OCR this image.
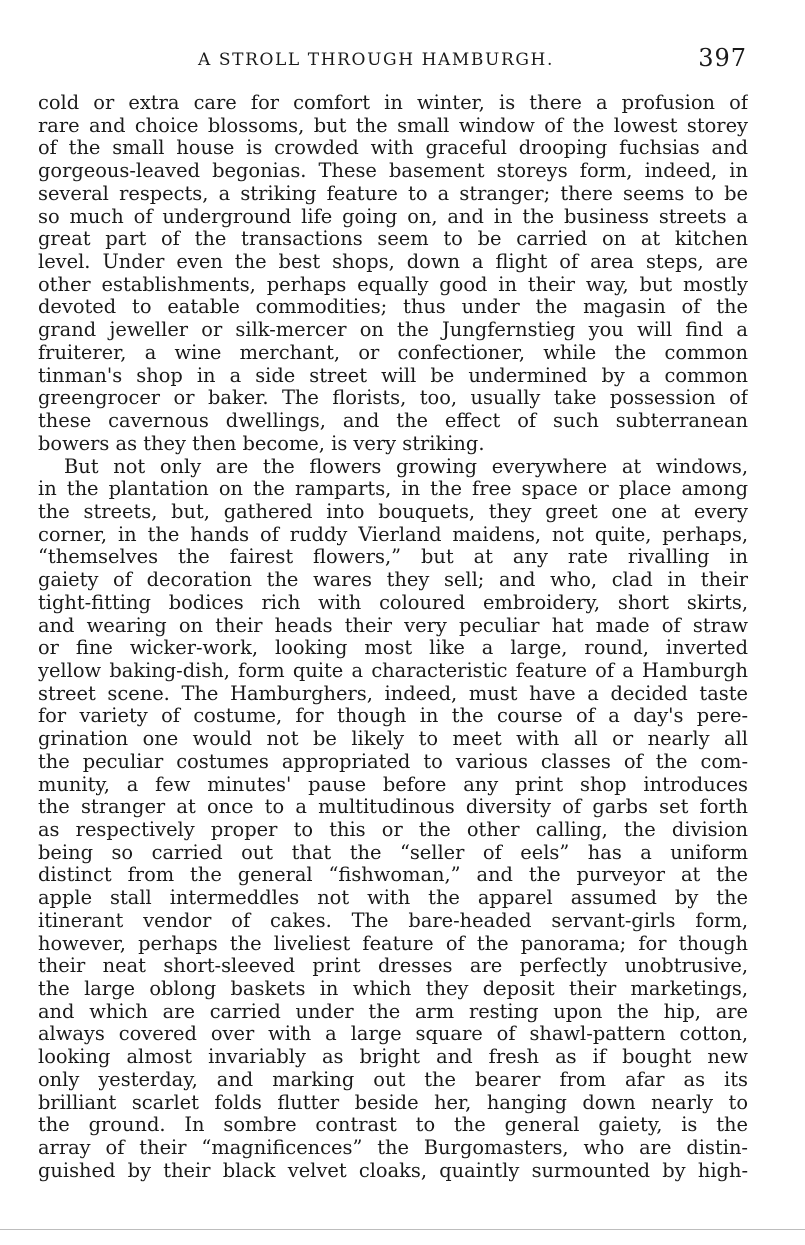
A STROLL THROUGH HAMBURGH.	397
cold or extra care for comfort in winter, is there a profusion of
rare and choice blossoms, but the small window of the lowest storey
of the small house is crowded with graceful drooping fuchsias and
gorgeous-leaved begonias. These basement storeys form, indeed, in
several respects, a striking feature to a stranger; there seems to be
so much of underground life going on, and in the business streets a
great part of the transactions seem to be carried on at kitchen
level. Under even the best shops, down a flight of area steps, are
other establishments, perhaps equally good in their way, but mostly
devoted to eatable commodities; thus under the magasin of the
grand jeweller or silk-mercer on the Jungfernstieg you will find a
fruiterer, a wine merchant, or confectioner, while the common
tinman's shop in a side street will be undermined by a common
greengrocer or baker. The florists, too, usually take possession of
these cavernous dwellings, and the effect of such subterranean
bowers as they then become, is very striking.
But not only are the flowers growing everywhere at windows,
in the plantation on the ramparts, in the free space or place among
the streets, but, gathered into bouquets, they greet one at every
corner, in the hands of ruddy Vierland maidens, not quite, perhaps,
“themselves the fairest flowers,” but at any rate rivalling in
gaiety of decoration the wares they sell; and who, clad in their
tight-fitting bodices rich with coloured embroidery, short skirts,
and wearing on their heads their very peculiar hat made of straw
or fine wicker-work, looking most like a large, round, inverted
yellow baking-dish, form quite a characteristic feature of a Hamburgh
street scene. The Hamburghers, indeed, must have a decided taste
for variety of costume, for though in the course of a day's pere-
grination one would not be likely to meet with all or nearly all
the peculiar costumes appropriated to various classes of the com-
munity, a few minutes' pause before any print shop introduces
the stranger at once to a multitudinous diversity of garbs set forth
as respectively proper to this or the other calling, the division
being so carried out that the “seller of eels” has a uniform
distinct from the general “fishwoman,” and the purveyor at the
apple stall intermeddles not with the apparel assumed by the
itinerant vendor of cakes. The bare-headed servant-girls form,
however, perhaps the liveliest feature of the panorama; for though
their neat short-sleeved print dresses are perfectly unobtrusive,
the large oblong baskets in which they deposit their marketings,
and which are carried under the arm resting upon the hip, are
always covered over with a large square of shawl-pattern cotton,
looking almost invariably as bright and fresh as if bought new
only yesterday, and marking out the bearer from afar as its
brilliant scarlet folds flutter beside her, hanging down nearly to
the ground. In sombre contrast to the general gaiety, is the
array of their “magnificences” the Burgomasters, who are distin-
guished by their black velvet cloaks, quaintly surmounted by high-
